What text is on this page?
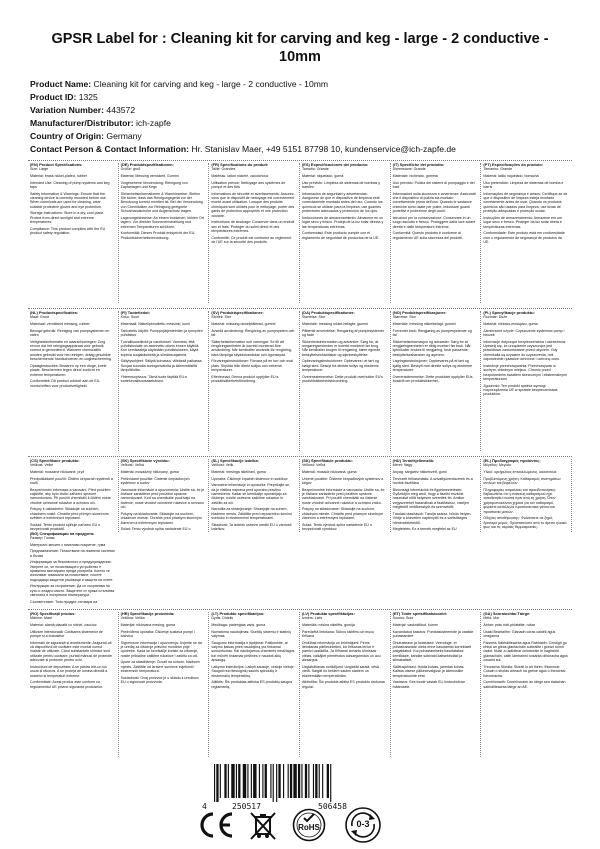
GPSR Label for : Cleaning kit for carving and keg - large - 2 conductive - 10mm
Product Name: Cleaning kit for carving and keg - large - 2 conductive - 10mm
Product ID: 1325
Variation Number: 443572
Manufacturer/Distributor: ich-zapfe
Country of Origin: Germany
Contact Person & Contact Information: Hr. Stanislav Maer, +49 5151 87798 10, kundenservice@ich-zapfe.de
(EN) Product Specifications:

Size: Large

Material: brass nickel-plated, rubber

Intended Use: Cleaning of pump systems and keg taps

Safety Information & Warnings: Ensure that the cleaning device is correctly mounted before use. When chemicals are used for cleaning, wear suitable protective gloves and eye protection.

Storage Instructions: Store in a dry, cool place. Protect from direct sunlight and extreme temperatures.

Compliance: This product complies with the EU product safety regulation.

(DE) Produktspezifikationen:

Größe: groß

Material: Messing vernickelt, Gummi

Vorgesehene Verwendung: Reinigung von Zapfanlagen und Kegs

Sicherheitsinformationen & Warnhinweise: Stellen Sie sicher, dass das Reinigungsgerät vor der Benutzung korrekt montiert ist. Bei der Verwendung von Chemikalien zur Reinigung geeignete Schutzhandschuhe und Augenschutz tragen.

Lagerungshinweise: An einem trockenen, kühlen Ort lagern. Vor direkter Sonneneinstrahlung und extremen Temperaturen schützen.

Konformität: Dieses Produkt entspricht der EU-Produktsicherheitsverordnung.

(FR) Spécifications du produit:

Taille: Grandes

Matériau: laiton nickelé, caoutchouc

Utilisation prévue: Nettoyage des systèmes de pompe et des fûts

Informations de sécurité et avertissements: Assurez-vous que le dispositif de nettoyage est correctement monté avant utilisation. Lorsque des produits chimiques sont utilisés pour le nettoyage, porter des gants de protection appropriés et une protection oculaire.

Instructions de stockage: Conserver dans un endroit sec et frais. Protéger du soleil direct et des températures extrêmes.

Conformité: Ce produit est conforme au règlement de l'UE sur la sécurité des produits.

(ES) Especificaciones del producto:

Tamaño: Grande

Material: niquelado, goma

Uso previsto: Limpieza de sistemas de bombas y barriles

Información de seguridad y advertencias: Asegúrese de que el dispositivo de limpieza esté correctamente montado antes del uso. Cuando los químicos se utilizan para la limpieza, use guantes protectores adecuados y protección de los ojos.

Instrucciones de almacenamiento: Almacene en un lugar seco y fresco. Proteja de la luz solar directa y las temperaturas extremas.

Conformidad: Este producto cumple con el reglamento de seguridad de productos de la UE.

(IT) Specifiche del prodotto:

Dimensione: Grande

Materiale: nichelato, gomma

Uso previsto: Pulizia dei sistemi di pompaggio e dei fusti

Informazioni sulla sicurezza e avvertenze: Assicurati che il dispositivo di pulizia sia montato correttamente prima dell'uso. Quando le sostanze chimiche sono usate per pulire, indossare guanti protettivi e protezione degli occhi.

Istruzioni per la conservazione: Conservare in un luogo asciutto e fresco. Proteggere dalla luce solare diretta e dalle temperature estreme.

Conformità: Questo prodotto è conforme al regolamento UE sulla sicurezza dei prodotti.

(PT) Especificações do produto:

Tamanho: Grande

Material: latão niquelado, borracha

Uso pretendido: Limpeza de sistemas de bomba e barris

Informações de segurança e avisos: Certifique-se de que o dispositivo de limpeza esteja montado corretamente antes de usar. Quando os produtos químicos são usados para limpeza, use luvas de proteção adequadas e proteção ocular.

Instruções de armazenamento: Armazene em um lugar seco e fresco. Proteger da luz solar direta e temperaturas extremas.

Conformidade: Este produto está em conformidade com o regulamento de segurança de produtos da UE.

(NL) Productspecificaties:

Maat: Groot

Materiaal: vernikkeld messing, rubber

Beoogd gebruik: Reiniging van pompsystemen en vaten

Veiligheidsinformatie en waarschuwingen: Zorg ervoor dat het reinigingsapparaat vóór gebruik correct is gemonteerd. Wanneer chemicaliën worden gebruikt voor het reinigen, draag geschikte beschermende handschoenen en oogbescherming.

Opslaginstructies: Bewaren op een droge, koele plaats. Beschermen tegen direct zonlicht en extreme temperaturen.

Conformiteit: Dit product voldoet aan de EU-voorschriften voor productveiligheid.

(FI) Tuotetiedot:

Koko: Suuri

Materiaali: Nikkelipinnoitettu messinki, kumi

Tarkoitettu käyttö: Pumppujärjestelmien ja tynnyrien puhdistus

Turvallisuustiedot ja varoitukset: Varmista, että puhdistuslaite on asennettu oikein ennen käyttöä. Kun kemikaaleja käytetään puhdistukseen, käytä sopivia suojakäsineitä ja silmänsuojaimia.

Säilytysohjeet: Säilytä kuivassa, viileässä paikassa. Suojaa suoralta auringonvalolta ja äärimmäisiltä lämpötiloilta.

Yhteensopivuus: Tämä tuote täyttää EU:n tuoteturvallisuusasetuksen.

(SV) Produktspecifikationer:

Storlek: Stor

Material: mässing nickelpläterad, gummi

Avsedd användning: Rengöring av pumpsystem och fat

Säkerhetsinformation och varningar: Se till att rengöringsenheten är korrekt monterad före användning. När kemikalier används för rengöring, bära lämpliga skyddshandskar och ögonskydd.

Förvaringsinstruktioner: Förvara på en torr och sval plats. Skydda från direkt solljus och extrema temperaturer.

Efterlevnad: Denna produkt uppfyller EU:s produktsäkerhetsförordning.

(DA) Produktspecifikationer:

Størrelse: Stor

Materiale: messing nikkel-belagte, gummi

Påtænkt anvendelse: Rengøring af pumpesystemer og fade

Sikkerhedsinformation og advarsler: Sørg for, at rengøringsenheden er korrekt monteret før brug. Når kemikalier bruges til rengøring, bære egnede beskyttelseshandsker og øjenbeskyttelse.

Opbevaringsinstruktioner: Opbevares i et tørt og køligt sted. Beskyt fra direkte sollys og ekstreme temperaturer.

Overensstemmelse: Dette produkt overholder EU's produktsikkerhedsforordning.

(NO) Produktspesifikasjoner:

Størrelse: Stor

Materiale: messing nikkelbelagt, gummi

Forventet bruk: Rengjøring av pumpesystemer og fat

Sikkerhetsinformasjon og advarsler: Sørg for at rengjøringsenheten er riktig montert før bruk. Når kjemikalier brukes til rengjøring, bruk passende beskyttelseshansker og øyevern.

Lagringsinstruksjoner: Oppbevares på et tørt og kjølig sted. Beskytt mot direkte sollys og ekstreme temperaturer.

Overensstemmelse: Dette produktet oppfyller EUs forskrift om produktsikkerhet.

(PL) Specyfikacje produktu:

Rozmiar: Duże

Materiał: niklowo-mosiądzu, guma

Zamierzone użycie: Czyszczenie systemów pomp i beczek

Informacje dotyczące bezpieczeństwa i ostrzeżenia: Upewnij się, że urządzenie czyszczące jest prawidłowo zamontowane przed użyciem. Gdy chemikalia są używane do czyszczenia, noś odpowiednie rękawice ochronne i ochronę oczu.

Instrukcje przechowywania: Przechowywać w suchym, chłodnym miejscu. Chronić przed bezpośrednim światłem słonecznym i ekstremalnymi temperaturami.

Zgodność: Ten produkt spełnia wymogi rozporządzenia UE w sprawie bezpieczeństwa produktów.

(CS) Specifikace produktu:

Velikost: Velké

Materiál: mosazné niklované, pryž

Předpokládané použití: Čištění čerpacích systémů a sudů

Bezpečnostní informace a varování: Před použitím zajistěte, aby bylo čisticí zařízení správně namontováno. Při použití chemikálií k čištění noste vhodné ochranné rukavice a ochranu očí.

Pokyny k uskladnění: Skladujte na suchém, chladném místě. Chraňte před přímým slunečním světlem a extrémními teplotami.

Soulad: Tento produkt splňuje nařízení EU o bezpečnosti produktů.

(SK) Špecifikácie výrobku:

Veľkosť: Veľká

Materiál: mosadzný niklovaný, guma

Predvídané použitie: Čistenie čerpadlových systémov a sudov

Varovanie informácie a upozornenia: Uistite sa, že je čistiace zariadenie pred použitím správne namontované. Keď sa chemikálie používajú na čistenie, noste vhodné ochranné rukavice a ochranu očí.

Pokyny na skladovanie: Skladujte na suchom, chladnom mieste. Chráňte pred priamym slnečným žiarením a extrémnymi teplotami.

Súlad: Tento výrobok spĺňa nariadenie EÚ o

(SL) Specifikacije izdelka:

Velikost: Velik

Material: mesinga nikelirani, guma

Uporaba: Čiščenje črpalnih sistemov in sodčkov

Varnostne informacije in opozorila: Prepričajte se, da je čistilna naprava pred uporabo pravilno nameščena. Kadar se kemikalije uporabljajo za čiščenje, nosite ustrezne zaščitne rokavice in zaščito za oči.

Navodila za shranjevanje: Shranjujte na suhem, hladnem mestu. Zaščitite pred neposredno sončno svetlobo in ekstremnimi temperaturami.

Skladnost: Ta izdelek ustreza uredbi EU o varnosti izdelkov.

(SK) Špecifikácie produktu:

Veľkosť: Veľká

Materiál: mosadz niklovaná, guma

Určené použitie: Čistenie čerpadlových systémov a kegov

Bezpečnostné informácie a varovania: Uistite sa, že je čistiace zariadenie pred použitím správne nainštalované. Pri použití chemikálií na čistenie noste vhodné ochranné rukavice a ochranu zraku.

Pokyny na skladovanie: Skladujte na suchom, chladnom mieste. Chráňte pred priamym slnečným žiarením a extrémnymi teplotami.

Súlad: Tento výrobok spĺňa nariadenie EÚ o bezpečnosti výrobkov.

(HU) Termékjellemzők:

Méret: Nagy

Anyag: sárgaréz nikkelezett, gumi

Tervezett felhasználás: A szivattyúrendszerek és a hordók tisztítása

Biztonsági információk és figyelmeztetések: Győződjön meg arról, hogy a tisztító eszközt használat előtt helyesen szerelték fel. Amikor vegyszereket használnak a tisztításhoz, viseljen megfelelő védőkesztyűt és szemvédőt.

Tárolási utasítások: Tárolja száraz, hűvös helyen. Védje a közvetlen napfénytől és a szélsőséges hőmérsékletektől.

Megfelelés: Ez a termék megfelel az EU

(EL) Προδιαγραφές προϊόντος:

Μέγεθος: Μεγάλο

Υλικό: ορείχαλκος επινικελωμένος, καουτσούκ

Προβλεπόμενη χρήση: Καθαρισμός συστημάτων αντλιών και βαρελιών

Πληροφορίες ασφαλείας και προειδοποιήσεις: Βεβαιωθείτε ότι η συσκευή καθαρισμού έχει τοποθετηθεί σωστά πριν από τη χρήση. Όταν χρησιμοποιούνται χημικά για τον καθαρισμό, φορέστε κατάλληλα προστατευτικά γάντια και προστασία ματιών.

Οδηγίες αποθήκευσης: Φυλάσσετε σε ξηρό, δροσερό μέρος. Προστατεύστε από το άμεσο ηλιακό φως και τις ακραίες θερμοκρασίες.

(BG) Спецификации на продукта:

Размер: Голям

Материал: месинг с никелово покритие, гума

Предназначение: Почистване на помпени системи и бъчви

Информация за безопасност и предупреждения: Уверете се, че почистващото устройство е правилно монтирано преди употреба. Когато се използват химикали за почистване, носете подходящи защитни ръкавици и защита на очите.

Инструкции за съхранение: Да се съхранява на сухо и хладно място. Защитете от пряка слънчева светлина и екстремни температури.

Съответствие: Този продукт отговаря на

(RO) Specificații produs:

Mărime: Mare

Material: alamă placată cu nichel, cauciuc

Utilizare intenționată: Curățarea sistemelor de pompe și a butoaielor

Informații de siguranță și avertismente: Asigurați-vă că dispozitivul de curățare este montat corect înainte de utilizare. Când substanțele chimice sunt utilizate pentru curățare, purtați mănuși de protecție adecvate și protecție pentru ochi.

Instrucțiuni de depozitare: A se păstra într-un loc uscat și răcoros. A se proteja de lumina directă a soarelui și temperaturi extreme.

Conformitate: Acest produs este conform cu regulamentul UE privind siguranța produselor.

(HR) Specifikacije proizvoda:

Veličina: Velika

Materijal: niklovana mesing, guma

Predviđena uporaba: Čišćenje sustava pumpi i bačvica

Sigurnosne informacije i upozorenja: Uvjerite se da je uređaj za čišćenje pravilno montiran prije upotrebe. Kada se kemikalije koriste za čišćenje, nosite prikladne zaštitne rukavice i zaštitu za oči.

Upute za skladištenje: Čuvati na suhom, hladnom mjestu. Zaštitite od izravne sunčeve svjetlosti i ekstremnih temperatura.

Sukladnost: Ovaj proizvod je u skladu s uredbom EU o sigurnosti proizvoda.

(LT) Produkto specifikacijos:

Dydis: Didelis

Medžiaga: padengtas varis, guma

Numatoma naudojimas: Siurblių sistemų ir statinių valymas

Saugumo informacija ir įspėjimai: Patikrinkite, ar valymo įtaisas prieš naudojimą yra tinkamai sumontuotas. Kai naudojamos cheminės medžiagos turi mūvėti tinkamas pirštines ir naudoti akių apsaugą.

Laikymo instrukcijos: Laikyti sausoje, vėsioje vietoje. Saugoti nuo tiesioginių saulės spindulių ir ekstremalių temperatūrų.

Atitiktis: Šis produktas atitinka ES produktų saugos reglamentą.

(LV) Produkta specifikācijas:

Izmērs: Liels

Materiāls: misiņa niķelēts, gumija

Paredzētā lietošana: Sūkņu sistēmu un mucu tīrīšana

Drošības informācija un brīdinājumi: Pirms lietošanas pārliecinieties, ka tīrīšanas ierīce ir pareizi uzstādīta. Ja tīrīšanai izmanto ķīmiskas vielas, valkājiet piemērotus aizsargcimdus un acu aizsargus.

Uzglabāšanas norādījumi: Uzglabāt sausā, vēsā vietā. Sargāt no tiešiem saules stariem un ekstremālām temperatūrām.

Atbilstība: Šis produkts atbilst ES produktu drošuma regulai.

(ET) Toote spetsifikatsioonid:

Suurus: Suur

Materjal: vaskniklitud, kumm

Kavandatud kasutus: Pumbasüsteemide ja vaatide puhastamine

Ohutusteave ja hoiatused: Veenduge, et puhastusseade oleks enne kasutamist korrektselt paigaldatud. Kui puhastamiseks kasutatakse kemikaale, kandke sobivaid kaitsekindaid ja silmakaitset.

Säilitusjuhised: Hoida kuivas, jahedas kohas. Kaitsta otsese päikesevalguse ja äärmuslike temperatuuride eest.

Vastavus: See toode vastab ELi tooteohutuse määrusele.

(GA) Sonraíochtaí Táirge:

Méid: Mór

Ábhar: prás nicil-phlátáilte, rubar

Úsáid Beartaithe: Glanadh córas caidéil agus ceaganna

Faisnéis Sábháilteachta agus Rabhaidh: Cinntigh go bhfuil an gléas glantacháin suiteáilte i gceart roimh úsáid. Nuair a úsáidtear ceimiceáin le haghaidh glantacháin, caith lámhainní cosanta oiriúnacha agus cosaint súl.

Treoracha Stórála: Stóráil in áit thirim, fhionnuar. Cosain ó sholas díreach na gréine agus ó theochtaí foircneacha.

Comhlíonadh: Comhlíonann an táirge seo rialachán sábháilteachta táirge an AE.

4	250517	506458
RoHS	0-3
